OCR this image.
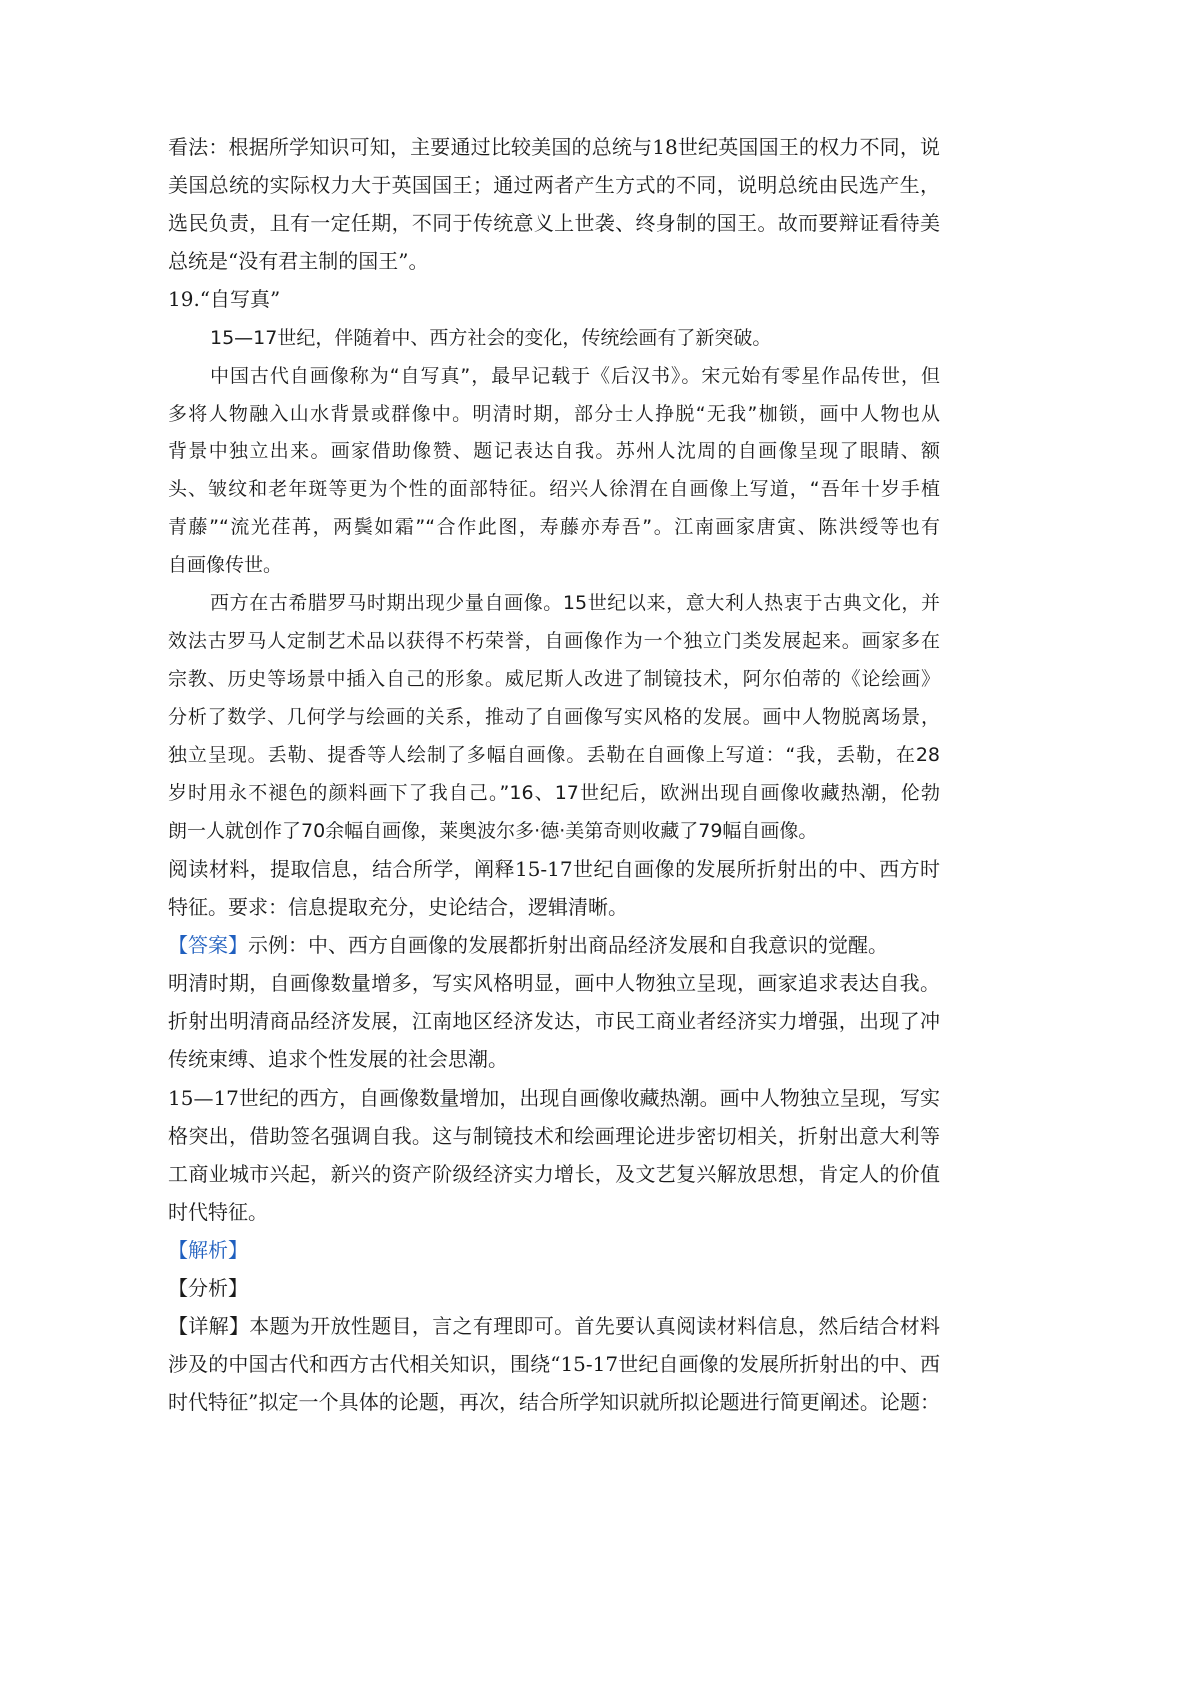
看法：根据所学知识可知，主要通过比较美国的总统与18世纪英国国王的权力不同，说
美国总统的实际权力大于英国国王；通过两者产生方式的不同，说明总统由民选产生，
选民负责，且有一定任期，不同于传统意义上世袭、终身制的国王。故而要辩证看待美
总统是“没有君主制的国王”。
19.“自写真”
15—17世纪，伴随着中、西方社会的变化，传统绘画有了新突破。
中国古代自画像称为“自写真”，最早记载于《后汉书》。宋元始有零星作品传世，但
多将人物融入山水背景或群像中。明清时期，部分士人挣脱“无我”枷锁，画中人物也从
背景中独立出来。画家借助像赞、题记表达自我。苏州人沈周的自画像呈现了眼睛、额
头、皱纹和老年斑等更为个性的面部特征。绍兴人徐渭在自画像上写道，“吾年十岁手植
青藤”“流光荏苒，两鬓如霜”“合作此图，寿藤亦寿吾”。江南画家唐寅、陈洪绶等也有
自画像传世。
西方在古希腊罗马时期出现少量自画像。15世纪以来，意大利人热衷于古典文化，并
效法古罗马人定制艺术品以获得不朽荣誉，自画像作为一个独立门类发展起来。画家多在
宗教、历史等场景中插入自己的形象。威尼斯人改进了制镜技术，阿尔伯蒂的《论绘画》
分析了数学、几何学与绘画的关系，推动了自画像写实风格的发展。画中人物脱离场景，
独立呈现。丢勒、提香等人绘制了多幅自画像。丢勒在自画像上写道：“我，丢勒，在28
岁时用永不褪色的颜料画下了我自己。”16、17世纪后，欧洲出现自画像收藏热潮，伦勃
朗一人就创作了70余幅自画像，莱奥波尔多·德·美第奇则收藏了79幅自画像。
阅读材料，提取信息，结合所学，阐释15-17世纪自画像的发展所折射出的中、西方时
特征。要求：信息提取充分，史论结合，逻辑清晰。
【答案】示例：中、西方自画像的发展都折射出商品经济发展和自我意识的觉醒。
明清时期，自画像数量增多，写实风格明显，画中人物独立呈现，画家追求表达自我。
折射出明清商品经济发展，江南地区经济发达，市民工商业者经济实力增强，出现了冲
传统束缚、追求个性发展的社会思潮。
15—17世纪的西方，自画像数量增加，出现自画像收藏热潮。画中人物独立呈现，写实
格突出，借助签名强调自我。这与制镜技术和绘画理论进步密切相关，折射出意大利等
工商业城市兴起，新兴的资产阶级经济实力增长，及文艺复兴解放思想，肯定人的价值
时代特征。
【解析】
【分析】
【详解】本题为开放性题目，言之有理即可。首先要认真阅读材料信息，然后结合材料
涉及的中国古代和西方古代相关知识，围绕“15-17世纪自画像的发展所折射出的中、西
时代特征”拟定一个具体的论题，再次，结合所学知识就所拟论题进行简更阐述。论题：
